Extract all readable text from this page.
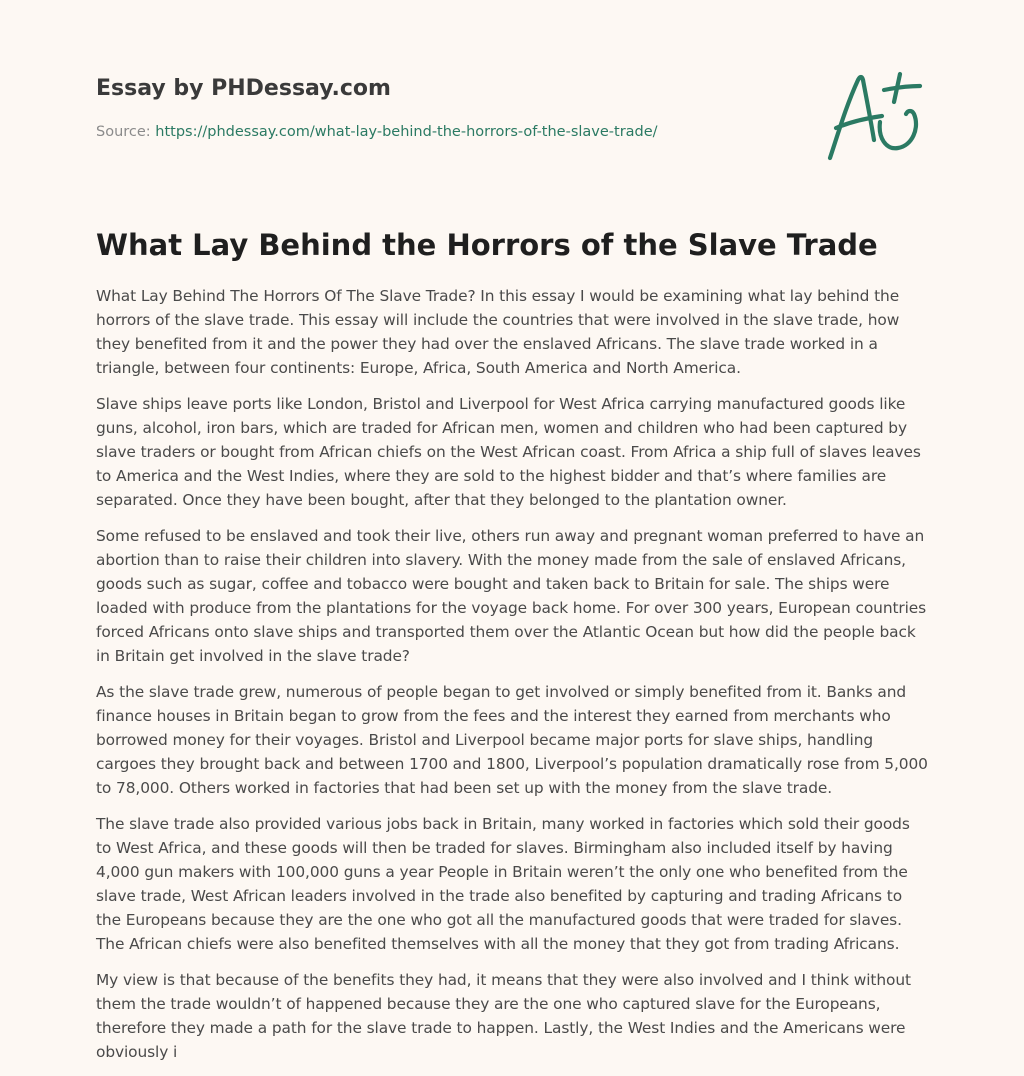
Essay by PHDessay.com
Source: https://phdessay.com/what-lay-behind-the-horrors-of-the-slave-trade/
What Lay Behind the Horrors of the Slave Trade

What Lay Behind The Horrors Of The Slave Trade? In this essay I would be examining what lay behind the horrors of the slave trade. This essay will include the countries that were involved in the slave trade, how they benefited from it and the power they had over the enslaved Africans. The slave trade worked in a triangle, between four continents: Europe, Africa, South America and North America.

Slave ships leave ports like London, Bristol and Liverpool for West Africa carrying manufactured goods like guns, alcohol, iron bars, which are traded for African men, women and children who had been captured by slave traders or bought from African chiefs on the West African coast. From Africa a ship full of slaves leaves to America and the West Indies, where they are sold to the highest bidder and that’s where families are separated. Once they have been bought, after that they belonged to the plantation owner.

Some refused to be enslaved and took their live, others run away and pregnant woman preferred to have an abortion than to raise their children into slavery. With the money made from the sale of enslaved Africans, goods such as sugar, coffee and tobacco were bought and taken back to Britain for sale. The ships were loaded with produce from the plantations for the voyage back home. For over 300 years, European countries forced Africans onto slave ships and transported them over the Atlantic Ocean but how did the people back in Britain get involved in the slave trade?

As the slave trade grew, numerous of people began to get involved or simply benefited from it. Banks and finance houses in Britain began to grow from the fees and the interest they earned from merchants who borrowed money for their voyages. Bristol and Liverpool became major ports for slave ships, handling cargoes they brought back and between 1700 and 1800, Liverpool’s population dramatically rose from 5,000 to 78,000. Others worked in factories that had been set up with the money from the slave trade.

The slave trade also provided various jobs back in Britain, many worked in factories which sold their goods to West Africa, and these goods will then be traded for slaves. Birmingham also included itself by having 4,000 gun makers with 100,000 guns a year People in Britain weren’t the only one who benefited from the slave trade, West African leaders involved in the trade also benefited by capturing and trading Africans to the Europeans because they are the one who got all the manufactured goods that were traded for slaves. The African chiefs were also benefited themselves with all the money that they got from trading Africans.

My view is that because of the benefits they had, it means that they were also involved and I think without them the trade wouldn’t of happened because they are the one who captured slave for the Europeans, therefore they made a path for the slave trade to happen. Lastly, the West Indies and the Americans were obviously i
